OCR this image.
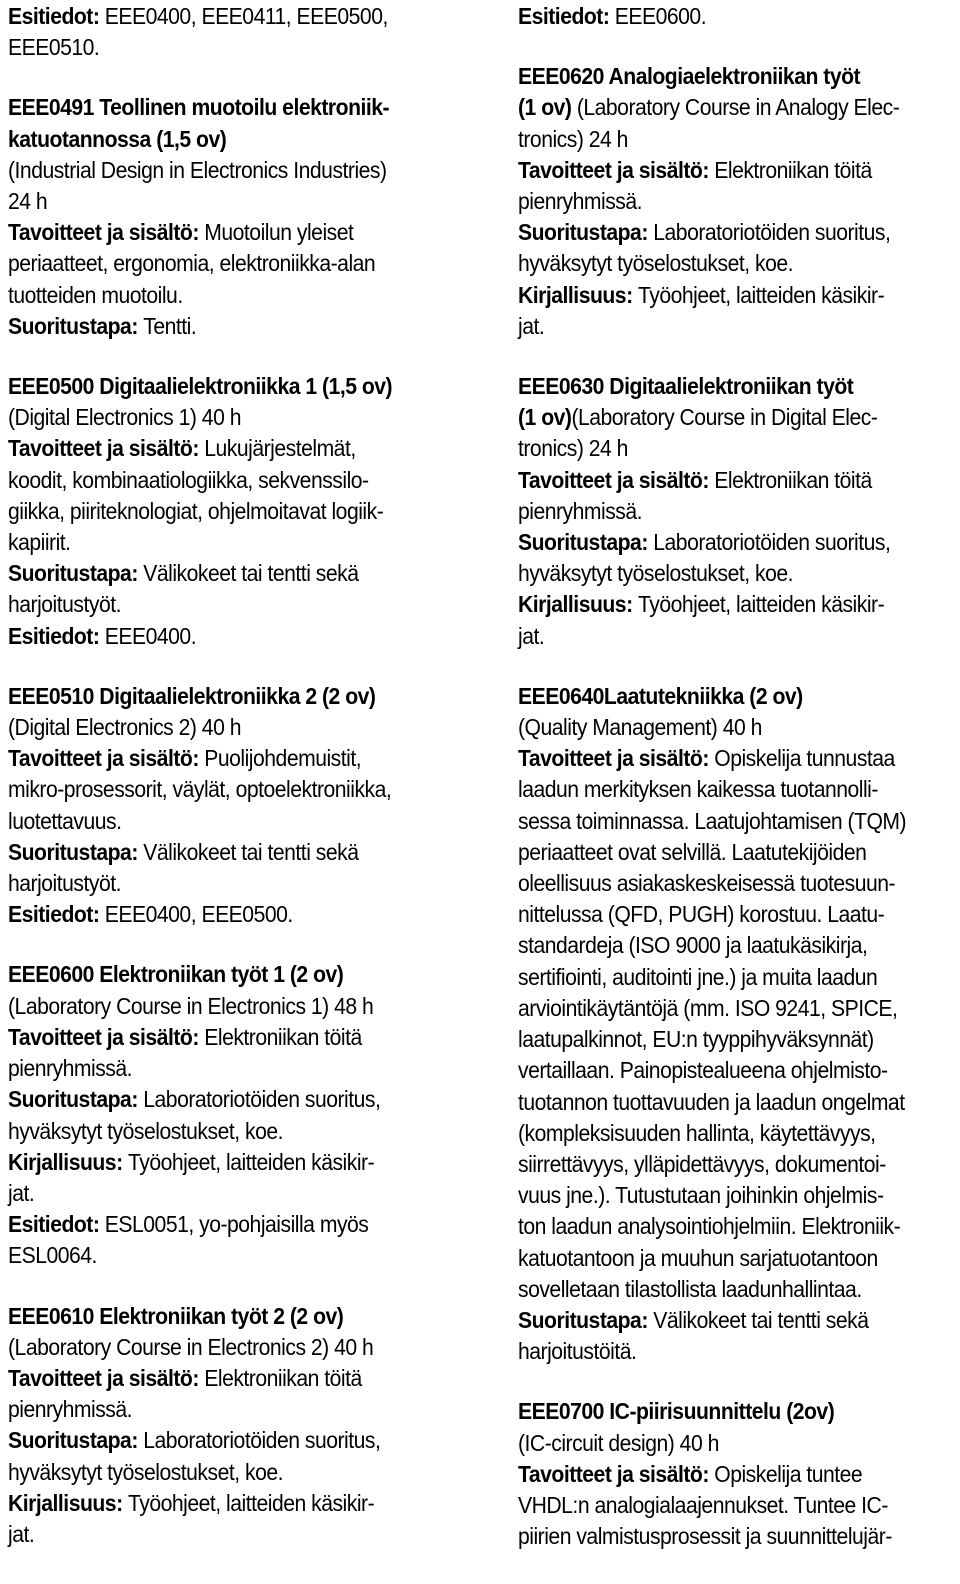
Esitiedot: EEE0400, EEE0411, EEE0500,

EEE0510.

EEE0491 Teollinen muotoilu elektroniik-

katuotannossa (1,5 ov)

(Industrial Design in Electronics Industries)

24 h

Tavoitteet ja sisältö: Muotoilun yleiset

periaatteet, ergonomia, elektroniikka-alan

tuotteiden muotoilu.

Suoritustapa: Tentti.

EEE0500 Digitaalielektroniikka 1 (1,5 ov)

(Digital Electronics 1) 40 h

Tavoitteet ja sisältö: Lukujärjestelmät,

koodit, kombinaatiologiikka, sekvenssilo-

giikka, piiriteknologiat, ohjelmoitavat logiik-

kapiirit.

Suoritustapa: Välikokeet tai tentti sekä

harjoitustyöt.

Esitiedot: EEE0400.

EEE0510 Digitaalielektroniikka 2 (2 ov)

(Digital Electronics 2) 40 h

Tavoitteet ja sisältö: Puolijohdemuistit,

mikro-prosessorit, väylät, optoelektroniikka,

luotettavuus.

Suoritustapa: Välikokeet tai tentti sekä

harjoitustyöt.

Esitiedot: EEE0400, EEE0500.

EEE0600 Elektroniikan työt 1 (2 ov)

(Laboratory Course in Electronics 1) 48 h

Tavoitteet ja sisältö: Elektroniikan töitä

pienryhmissä.

Suoritustapa: Laboratoriotöiden suoritus,

hyväksytyt työselostukset, koe.

Kirjallisuus: Työohjeet, laitteiden käsikir-

jat.

Esitiedot: ESL0051, yo-pohjaisilla myös

ESL0064.

EEE0610 Elektroniikan työt 2 (2 ov)

(Laboratory Course in Electronics 2) 40 h

Tavoitteet ja sisältö: Elektroniikan töitä

pienryhmissä.

Suoritustapa: Laboratoriotöiden suoritus,

hyväksytyt työselostukset, koe.

Kirjallisuus: Työohjeet, laitteiden käsikir-

jat.

Esitiedot: EEE0600.

EEE0620 Analogiaelektroniikan työt

(1 ov) (Laboratory Course in Analogy Elec-

tronics) 24 h

Tavoitteet ja sisältö: Elektroniikan töitä

pienryhmissä.

Suoritustapa: Laboratoriotöiden suoritus,

hyväksytyt työselostukset, koe.

Kirjallisuus: Työohjeet, laitteiden käsikir-

jat.

EEE0630 Digitaalielektroniikan työt

(1 ov)(Laboratory Course in Digital Elec-

tronics) 24 h

Tavoitteet ja sisältö: Elektroniikan töitä

pienryhmissä.

Suoritustapa: Laboratoriotöiden suoritus,

hyväksytyt työselostukset, koe.

Kirjallisuus: Työohjeet, laitteiden käsikir-

jat.

EEE0640Laatutekniikka (2 ov)

(Quality Management) 40 h

Tavoitteet ja sisältö: Opiskelija tunnustaa

laadun merkityksen kaikessa tuotannolli-

sessa toiminnassa. Laatujohtamisen (TQM)

periaatteet ovat selvillä. Laatutekijöiden

oleellisuus asiakaskeskeisessä tuotesuun-

nittelussa (QFD, PUGH) korostuu. Laatu-

standardeja (ISO 9000 ja laatukäsikirja,

sertifiointi, auditointi jne.) ja muita laadun

arviointikäytäntöjä (mm. ISO 9241, SPICE,

laatupalkinnot, EU:n tyyppihyväksynnät)

vertaillaan. Painopistealueena ohjelmisto-

tuotannon tuottavuuden ja laadun ongelmat

(kompleksisuuden hallinta, käytettävyys,

siirrettävyys, ylläpidettävyys, dokumentoi-

vuus jne.). Tutustutaan joihinkin ohjelmis-

ton laadun analysointiohjelmiin. Elektroniik-

katuotantoon ja muuhun sarjatuotantoon

sovelletaan tilastollista laadunhallintaa.

Suoritustapa: Välikokeet tai tentti sekä

harjoitustöitä.

EEE0700 IC-piirisuunnittelu (2ov)

(IC-circuit design) 40 h

Tavoitteet ja sisältö: Opiskelija tuntee

VHDL:n analogialaajennukset. Tuntee IC-

piirien valmistusprosessit ja suunnittelujär-
